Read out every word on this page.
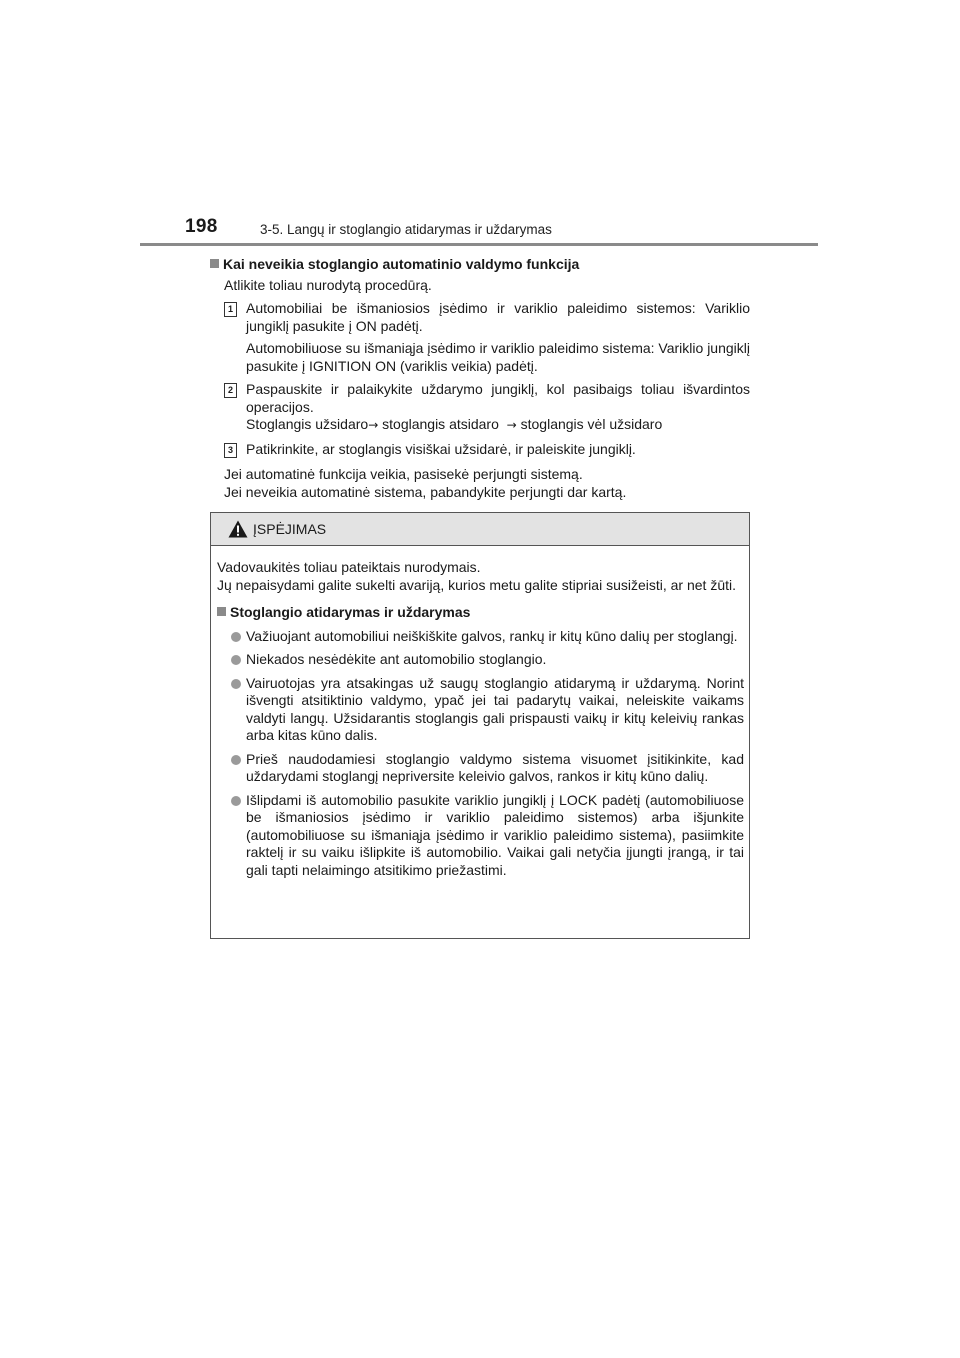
198	3-5. Langų ir stoglangio atidarymas ir uždarymas
Kai neveikia stoglangio automatinio valdymo funkcija
Atlikite toliau nurodytą procedūrą.
1 Automobiliai be išmaniosios įsėdimo ir variklio paleidimo sistemos: Variklio jungiklį pasukite į ON padėtį.

Automobiliuose su išmaniąja įsėdimo ir variklio paleidimo sistema: Variklio jungiklį pasukite į IGNITION ON (variklis veikia) padėtį.

2 Paspauskite ir palaikykite uždarymo jungiklį, kol pasibaigs toliau išvardintos operacijos.

Stoglangis užsidaro→ stoglangis atsidaro → stoglangis vėl užsidaro

3 Patikrinkite, ar stoglangis visiškai užsidarė, ir paleiskite jungiklį.

Jei automatinė funkcija veikia, pasisekė perjungti sistemą.

Jei neveikia automatinė sistema, pabandykite perjungti dar kartą.

ĮSPĖJIMAS

Vadovaukitės toliau pateiktais nurodymais.

Jų nepaisydami galite sukelti avariją, kurios metu galite stipriai susižeisti, ar net žūti.

Stoglangio atidarymas ir uždarymas
Važiuojant automobiliui neiškiškite galvos, rankų ir kitų kūno dalių per stoglangį.
Niekados nesėdėkite ant automobilio stoglangio.
Vairuotojas yra atsakingas už saugų stoglangio atidarymą ir uždarymą. Norint išvengti atsitiktinio valdymo, ypač jei tai padarytų vaikai, neleiskite vaikams valdyti langų. Užsidarantis stoglangis gali prispausti vaikų ir kitų keleivių rankas arba kitas kūno dalis.
Prieš naudodamiesi stoglangio valdymo sistema visuomet įsitikinkite, kad uždarydami stoglangį nepriversite keleivio galvos, rankos ir kitų kūno dalių.
Išlipdami iš automobilio pasukite variklio jungiklį į LOCK padėtį (automobiliuose be išmaniosios įsėdimo ir variklio paleidimo sistemos) arba išjunkite (automobiliuose su išmaniąja įsėdimo ir variklio paleidimo sistema), pasiimkite raktelį ir su vaiku išlipkite iš automobilio. Vaikai gali netyčia įjungti įrangą, ir tai gali tapti nelaimingo atsitikimo priežastimi.
